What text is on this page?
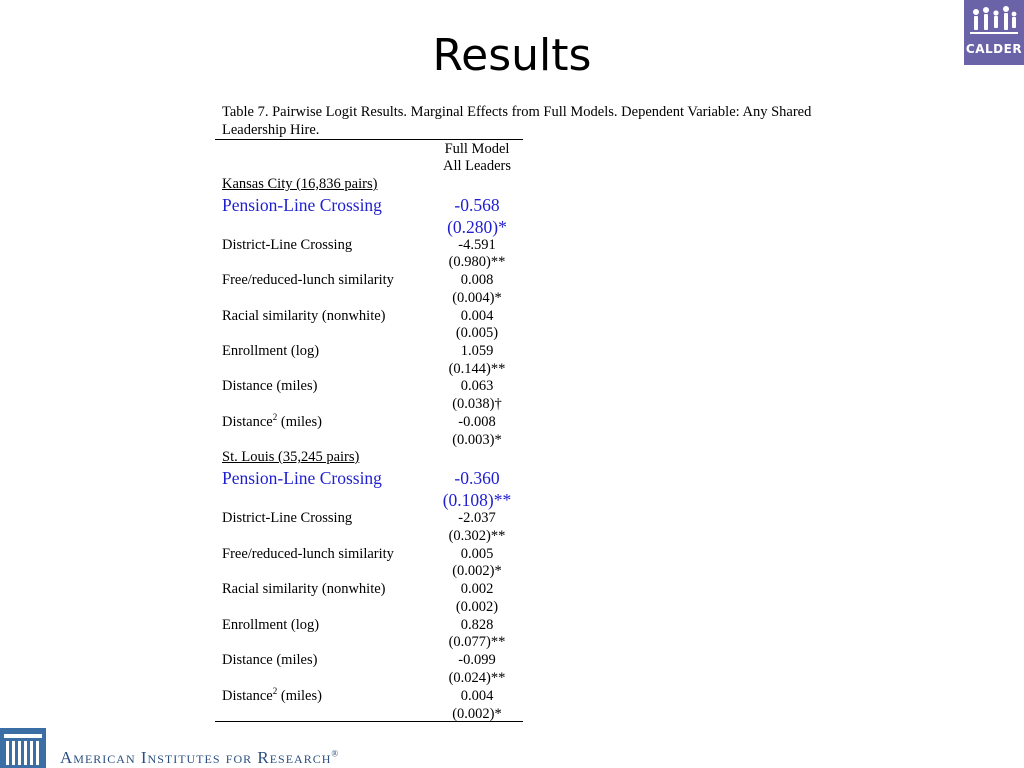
Results	CALDER
Table 7. Pairwise Logit Results. Marginal Effects from Full Models. Dependent Variable: Any Shared Leadership Hire.
Full Model
All Leaders
Kansas City (16,836 pairs)
Pension-Line Crossing	-0.568
(0.280)*
District-Line Crossing	-4.591
(0.980)**
Free/reduced-lunch similarity	0.008
(0.004)*
Racial similarity (nonwhite)	0.004
(0.005)
Enrollment (log)	1.059
(0.144)**
Distance (miles)	0.063
(0.038)†
Distance$^2$ (miles)	-0.008
(0.003)*
St. Louis (35,245 pairs)
Pension-Line Crossing	-0.360
(0.108)**
District-Line Crossing	-2.037
(0.302)**
Free/reduced-lunch similarity	0.005
(0.002)*
Racial similarity (nonwhite)	0.002
(0.002)
Enrollment (log)	0.828
(0.077)**
Distance (miles)	-0.099
(0.024)**
Distance$^2$ (miles)	0.004
(0.002)*
American Institutes for Research®
